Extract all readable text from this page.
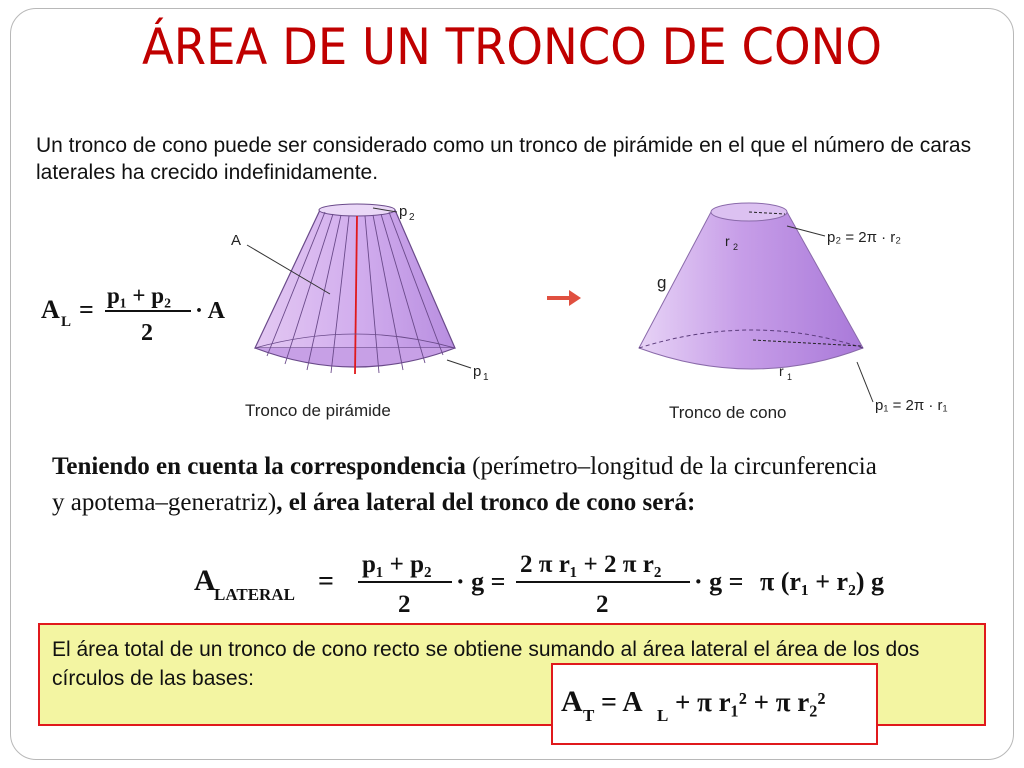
ÁREA DE UN TRONCO DE CONO
Un tronco de cono puede ser considerado como un tronco de pirámide en el que el número de caras laterales ha crecido indefinidamente.
A L = p₁ + p₂
2
· A
A
p 2
p 1
Tronco de pirámide
r 2
p₂ = 2π · r₂
g
r 1
p₁ = 2π · r₁
Tronco de cono
Teniendo en cuenta la correspondencia (perímetro–longitud de la circunferencia
y apotema–generatriz), el área lateral del tronco de cono será:
A
LATERAL =
p₁ + p₂
2
· g =
2 π r₁ + 2 π r₂
2
· g = π (r₁ + r₂) g
El área total de un tronco de cono recto se obtiene sumando al área lateral el área de los dos círculos de las bases:
A T = A L + π r₁² + π r₂²
